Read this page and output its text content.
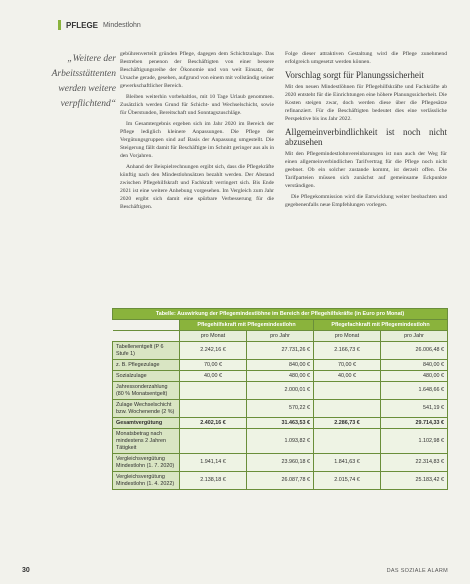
PFLEGE Mindestlohn
„Weitere der Arbeitsstättenten werden weitere verpflichtend“

gebührenverteilt gründen Pflege, dagegen dem Schichtzulage. Das Bestreben penenon der Beschäftigten von einer bessere Beschäftigungsreihe der Ökonomie und von weit Einsatz, der Ursache gerade, gesehen, aufgrund von einem mit vollständig seiner gewerkschaftlicher Bereich.

Bleiben weiterhin vorbehaltlos, mit 10 Tage Urlaub genommen. Zusätzlich werden Grund für Schicht- und Wechselschicht, sowie für Überstunden, Bereitschaft und Sonntagszuschläge.

Im Gesamtergebnis ergeben sich im Jahr 2020 im Bereich der Pflege lediglich kleinere Anpassungen. Die Pflege der Vergütungsgruppen sind auf Basis der Anpassung umgestellt. Die Steigerung fällt damit für Beschäftigte im Schnitt geringer aus als in den Vorjahren.

Anhand der Beispielrechnungen ergibt sich, dass die Pflegekräfte künftig nach den Mindestlohnsätzen bezahlt werden. Der Abstand zwischen Pflegehilfskraft und Fachkraft verringert sich. Bis Ende 2021 ist eine weitere Anhebung vorgesehen. Im Vergleich zum Jahr 2020 ergibt sich damit eine spürbare Verbesserung für die Beschäftigten.

Folge dieser attraktiven Gestaltung wird die Pflege zunehmend erfolgreich umgesetzt werden können.

Vorschlag sorgt für Planungssicherheit

Mit den neuen Mindestlöhnen für Pflegehilfskräfte und Fachkräfte ab 2020 entsteht für die Einrichtungen eine höhere Planungssicherheit. Die Kosten steigen zwar, doch werden diese über die Pflegesätze refinanziert. Für die Beschäftigten bedeutet dies eine verlässliche Perspektive bis ins Jahr 2022.

Allgemeinverbindlichkeit ist noch nicht abzusehen

Mit den Pflegemindestlohnvereinbarungen ist nun auch der Weg für einen allgemeinverbindlichen Tarifvertrag für die Pflege noch nicht geebnet. Ob ein solcher zustande kommt, ist derzeit offen. Die Tarifparteien müssen sich zunächst auf gemeinsame Eckpunkte verständigen.

Die Pflegekommission wird die Entwicklung weiter beobachten und gegebenenfalls neue Empfehlungen vorlegen.

Tabelle: Auswirkung der Pflegemindestlöhne im Bereich der Pflegehilfskräfte (in Euro pro Monat)				
	Pflegehilfskraft mit Pflegemindestlohn		Pflegefachkraft mit Pflegemindestlohn	
	pro Monat	pro Jahr	pro Monat	pro Jahr
Tabellenentgelt (P 6 Stufe 1)	2.242,16 €	27.731,26 €	2.166,73 €	26.006,48 €
z. B. Pflegezulage	70,00 €	840,00 €	70,00 €	840,00 €
Sozialzulage	40,00 €	480,00 €	40,00 €	480,00 €
Jahressonderzahlung (80 % Monatsentgelt)		2.000,01 €		1.648,66 €
Zulage Wechselschicht bzw. Wochenende (2 %)		570,22 €		541,19 €
Gesamtvergütung	2.402,16 €	31.463,53 €	2.286,73 €	29.714,33 €
Monatsbetrag nach mindestens 2 Jahren Tätigkeit		1.093,82 €		1.102,98 €
Vergleichsvergütung Mindestlohn (1. 7. 2020)	1.941,14 €	23.960,18 €	1.841,63 €	22.314,83 €
Vergleichsvergütung Mindestlohn (1. 4. 2022)	2.138,18 €	26.087,78 €	2.015,74 €	25.183,42 €
30	DAS SOZIALE ALARM
